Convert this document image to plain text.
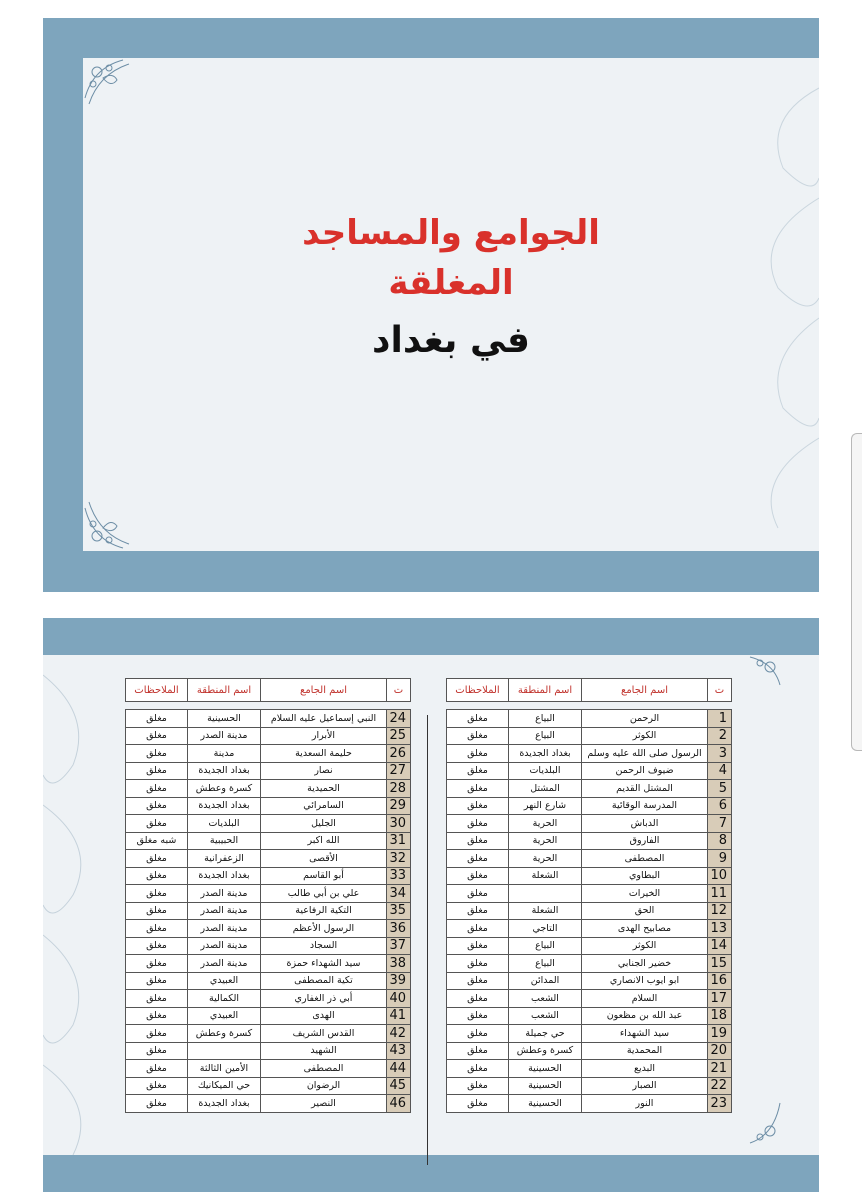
الجوامع والمساجد
المغلقة
في بغداد
ت	اسم الجامع	اسم المنطقة	الملاحظات

1	الرحمن	البياع	مغلق
2	الكوثر	البياع	مغلق
3	الرسول صلى الله عليه وسلم	بغداد الجديدة	مغلق
4	ضيوف الرحمن	البلديات	مغلق
5	المشتل القديم	المشتل	مغلق
6	المدرسة الوقائية	شارع النهر	مغلق
7	الدباش	الحرية	مغلق
8	الفاروق	الحرية	مغلق
9	المصطفى	الحرية	مغلق
10	البطاوي	الشعلة	مغلق
11	الخيرات		مغلق
12	الحق	الشعلة	مغلق
13	مصابيح الهدى	التاجي	مغلق
14	الكوثر	البياع	مغلق
15	خضير الجنابي	البياع	مغلق
16	ابو ايوب الانصاري	المدائن	مغلق
17	السلام	الشعب	مغلق
18	عبد الله بن مظعون	الشعب	مغلق
19	سيد الشهداء	حي جميلة	مغلق
20	المحمدية	كسرة وعطش	مغلق
21	البديع	الحسينية	مغلق
22	الصبار	الحسينية	مغلق
23	النور	الحسينية	مغلق
ت	اسم الجامع	اسم المنطقة	الملاحظات

24	النبي إسماعيل عليه السلام	الحسينية	مغلق
25	الأبرار	مدينة الصدر	مغلق
26	حليمة السعدية	مدينة	مغلق
27	نصار	بغداد الجديدة	مغلق
28	الحميدية	كسرة وعطش	مغلق
29	السامرائي	بغداد الجديدة	مغلق
30	الجليل	البلديات	مغلق
31	الله اكبر	الحبيبية	شبه مغلق
32	الأقصى	الزعفرانية	مغلق
33	أبو القاسم	بغداد الجديدة	مغلق
34	علي بن أبي طالب	مدينة الصدر	مغلق
35	التكية الرفاعية	مدينة الصدر	مغلق
36	الرسول الأعظم	مدينة الصدر	مغلق
37	السجاد	مدينة الصدر	مغلق
38	سيد الشهداء حمزة	مدينة الصدر	مغلق
39	تكية المصطفى	العبيدي	مغلق
40	أبي ذر الغفاري	الكمالية	مغلق
41	الهدى	العبيدي	مغلق
42	القدس الشريف	كسرة وعطش	مغلق
43	الشهيد		مغلق
44	المصطفى	الأمين الثالثة	مغلق
45	الرضوان	حي الميكانيك	مغلق
46	النصير	بغداد الجديدة	مغلق
